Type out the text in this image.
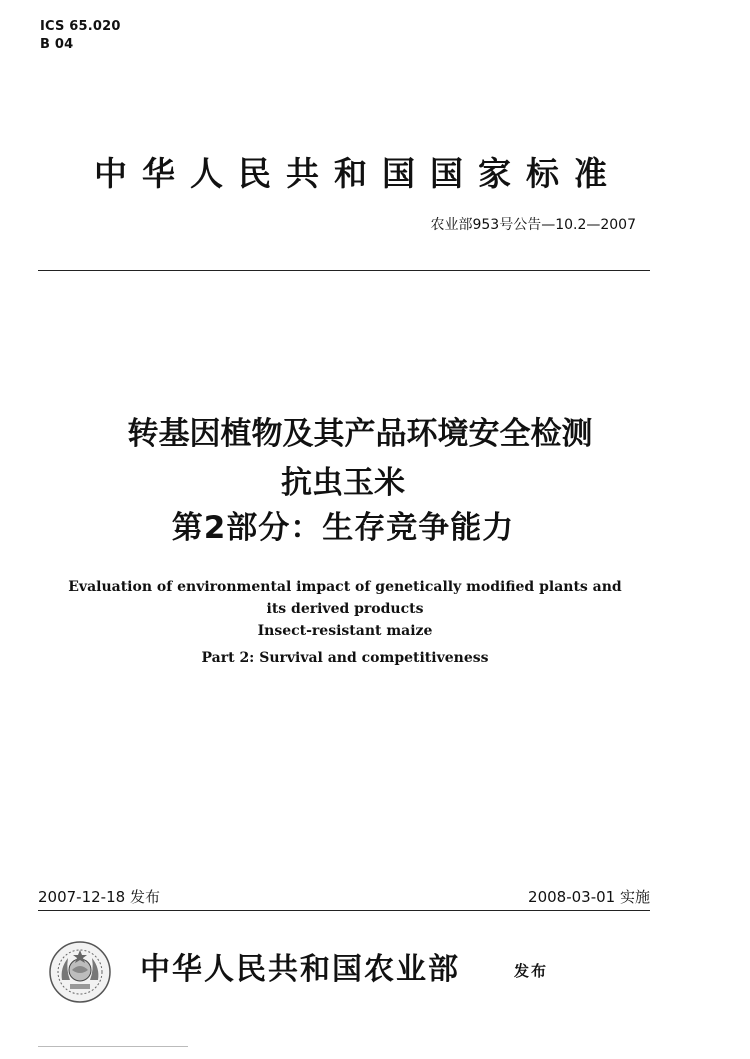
ICS 65.020
B 04
中华人民共和国国家标准
农业部953号公告—10.2—2007
转基因植物及其产品环境安全检测
抗虫玉米
第2部分：生存竞争能力
Evaluation of environmental impact of genetically modified plants and
its derived products
Insect-resistant maize
Part 2: Survival and competitiveness
2007-12-18 发布	2008-03-01 实施
中华人民共和国农业部	发布
